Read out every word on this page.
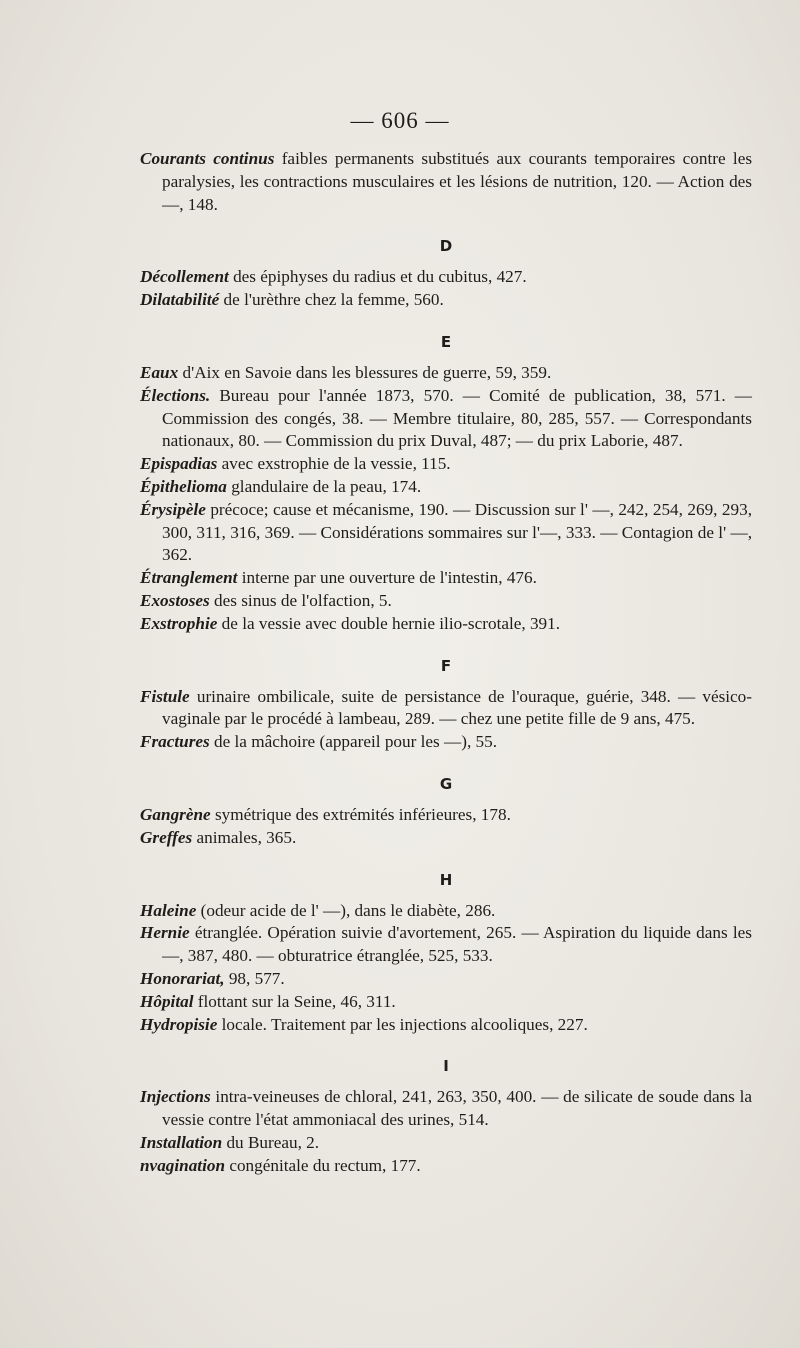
— 606 —

Courants continus faibles permanents substitués aux courants temporaires contre les paralysies, les contractions musculaires et les lésions de nutrition, 120. — Action des —, 148.

D

Décollement des épiphyses du radius et du cubitus, 427.

Dilatabilité de l'urèthre chez la femme, 560.

E

Eaux d'Aix en Savoie dans les blessures de guerre, 59, 359.

Élections. Bureau pour l'année 1873, 570. — Comité de publication, 38, 571. — Commission des congés, 38. — Membre titulaire, 80, 285, 557. — Correspondants nationaux, 80. — Commission du prix Duval, 487; — du prix Laborie, 487.

Epispadias avec exstrophie de la vessie, 115.

Épithelioma glandulaire de la peau, 174.

Érysipèle précoce; cause et mécanisme, 190. — Discussion sur l' —, 242, 254, 269, 293, 300, 311, 316, 369. — Considérations sommaires sur l'—, 333. — Contagion de l' —, 362.

Étranglement interne par une ouverture de l'intestin, 476.

Exostoses des sinus de l'olfaction, 5.

Exstrophie de la vessie avec double hernie ilio-scrotale, 391.

F

Fistule urinaire ombilicale, suite de persistance de l'ouraque, guérie, 348. — vésico-vaginale par le procédé à lambeau, 289. — chez une petite fille de 9 ans, 475.

Fractures de la mâchoire (appareil pour les —), 55.

G

Gangrène symétrique des extrémités inférieures, 178.

Greffes animales, 365.

H

Haleine (odeur acide de l' —), dans le diabète, 286.

Hernie étranglée. Opération suivie d'avortement, 265. — Aspiration du liquide dans les —, 387, 480. — obturatrice étranglée, 525, 533.

Honorariat, 98, 577.

Hôpital flottant sur la Seine, 46, 311.

Hydropisie locale. Traitement par les injections alcooliques, 227.

I

Injections intra-veineuses de chloral, 241, 263, 350, 400. — de silicate de soude dans la vessie contre l'état ammoniacal des urines, 514.

Installation du Bureau, 2.

nvagination congénitale du rectum, 177.
